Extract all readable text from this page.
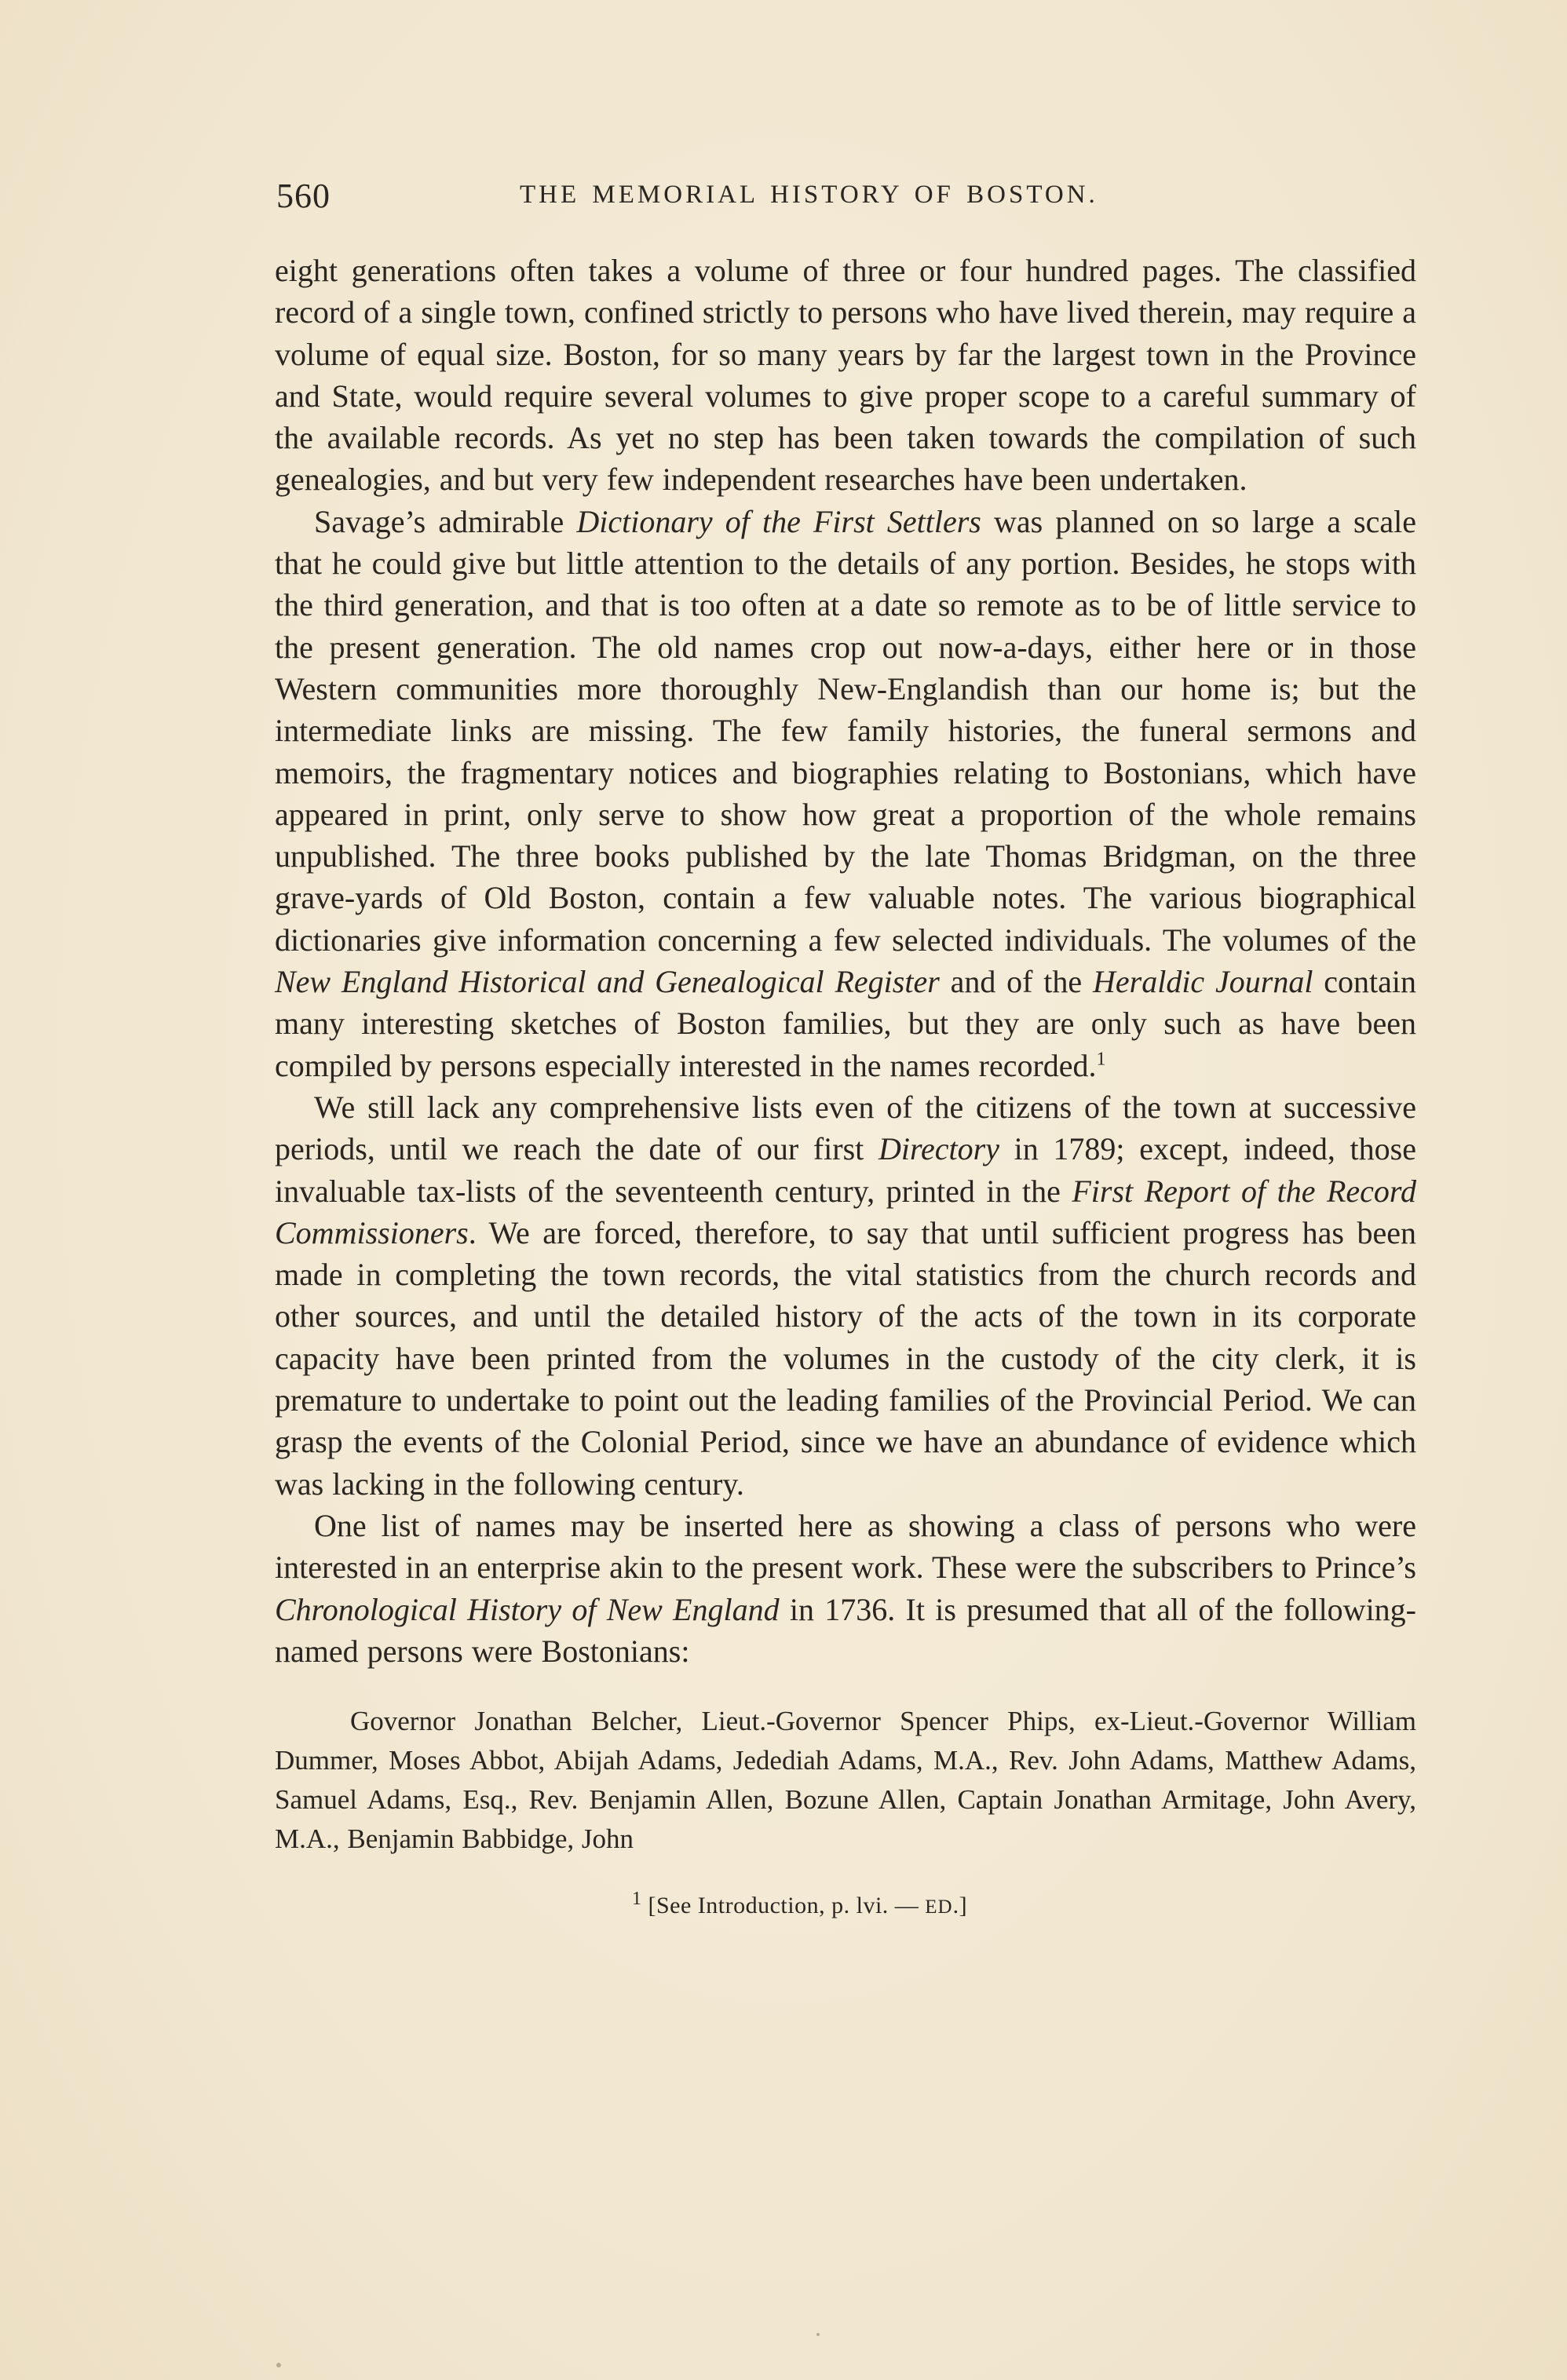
560	THE MEMORIAL HISTORY OF BOSTON.

eight generations often takes a volume of three or four hundred pages. The classified record of a single town, confined strictly to persons who have lived therein, may require a volume of equal size. Boston, for so many years by far the largest town in the Province and State, would require several volumes to give proper scope to a careful summary of the available records. As yet no step has been taken towards the compilation of such genealogies, and but very few independent researches have been undertaken.

Savage’s admirable Dictionary of the First Settlers was planned on so large a scale that he could give but little attention to the details of any portion. Besides, he stops with the third generation, and that is too often at a date so remote as to be of little service to the present generation. The old names crop out now-a-days, either here or in those Western communities more thoroughly New-Englandish than our home is; but the intermediate links are missing. The few family histories, the funeral sermons and memoirs, the fragmentary notices and biographies relating to Bostonians, which have appeared in print, only serve to show how great a proportion of the whole remains unpublished. The three books published by the late Thomas Bridgman, on the three grave-yards of Old Boston, contain a few valuable notes. The various biographical dictionaries give information concerning a few selected individuals. The volumes of the New England Historical and Genealogical Register and of the Heraldic Journal contain many interesting sketches of Boston families, but they are only such as have been compiled by persons especially interested in the names recorded.$^1$

We still lack any comprehensive lists even of the citizens of the town at successive periods, until we reach the date of our first Directory in 1789; except, indeed, those invaluable tax-lists of the seventeenth century, printed in the First Report of the Record Commissioners. We are forced, therefore, to say that until sufficient progress has been made in completing the town records, the vital statistics from the church records and other sources, and until the detailed history of the acts of the town in its corporate capacity have been printed from the volumes in the custody of the city clerk, it is premature to undertake to point out the leading families of the Provincial Period. We can grasp the events of the Colonial Period, since we have an abundance of evidence which was lacking in the following century.

One list of names may be inserted here as showing a class of persons who were interested in an enterprise akin to the present work. These were the subscribers to Prince’s Chronological History of New England in 1736. It is presumed that all of the following-named persons were Bostonians:

Governor Jonathan Belcher, Lieut.-Governor Spencer Phips, ex-Lieut.-Governor William Dummer, Moses Abbot, Abijah Adams, Jedediah Adams, M.A., Rev. John Adams, Matthew Adams, Samuel Adams, Esq., Rev. Benjamin Allen, Bozune Allen, Captain Jonathan Armitage, John Avery, M.A., Benjamin Babbidge, John

$^1$ [See Introduction, p. lvi. — ED.]
